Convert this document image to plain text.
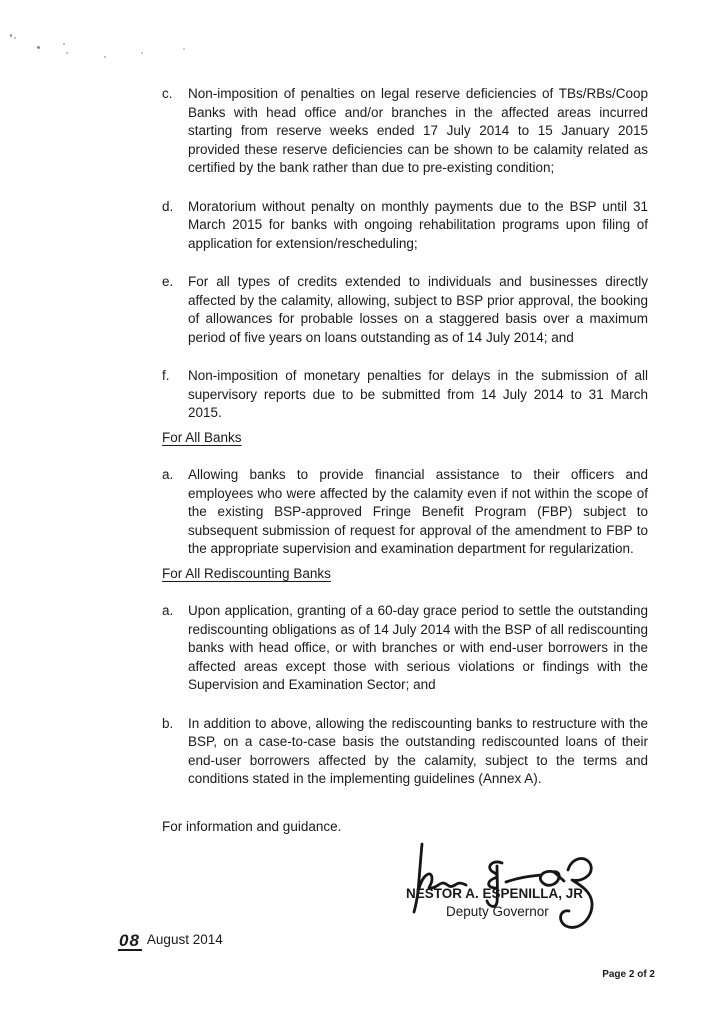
c.	Non-imposition of penalties on legal reserve deficiencies of TBs/RBs/Coop Banks with head office and/or branches in the affected areas incurred starting from reserve weeks ended 17 July 2014 to 15 January 2015 provided these reserve deficiencies can be shown to be calamity related as certified by the bank rather than due to pre-existing condition;
d.	Moratorium without penalty on monthly payments due to the BSP until 31 March 2015 for banks with ongoing rehabilitation programs upon filing of application for extension/rescheduling;
e.	For all types of credits extended to individuals and businesses directly affected by the calamity, allowing, subject to BSP prior approval, the booking of allowances for probable losses on a staggered basis over a maximum period of five years on loans outstanding as of 14 July 2014; and
f.	Non-imposition of monetary penalties for delays in the submission of all supervisory reports due to be submitted from 14 July 2014 to 31 March 2015.
For All Banks
a.	Allowing banks to provide financial assistance to their officers and employees who were affected by the calamity even if not within the scope of the existing BSP-approved Fringe Benefit Program (FBP) subject to subsequent submission of request for approval of the amendment to FBP to the appropriate supervision and examination department for regularization.
For All Rediscounting Banks
a.	Upon application, granting of a 60-day grace period to settle the outstanding rediscounting obligations as of 14 July 2014 with the BSP of all rediscounting banks with head office, or with branches or with end-user borrowers in the affected areas except those with serious violations or findings with the Supervision and Examination Sector; and
b.	In addition to above, allowing the rediscounting banks to restructure with the BSP, on a case-to-case basis the outstanding rediscounted loans of their end-user borrowers affected by the calamity, subject to the terms and conditions stated in the implementing guidelines (Annex A).
For information and guidance.
NESTOR A. ESPENILLA, JR
Deputy Governor
08 August 2014
Page 2 of 2
